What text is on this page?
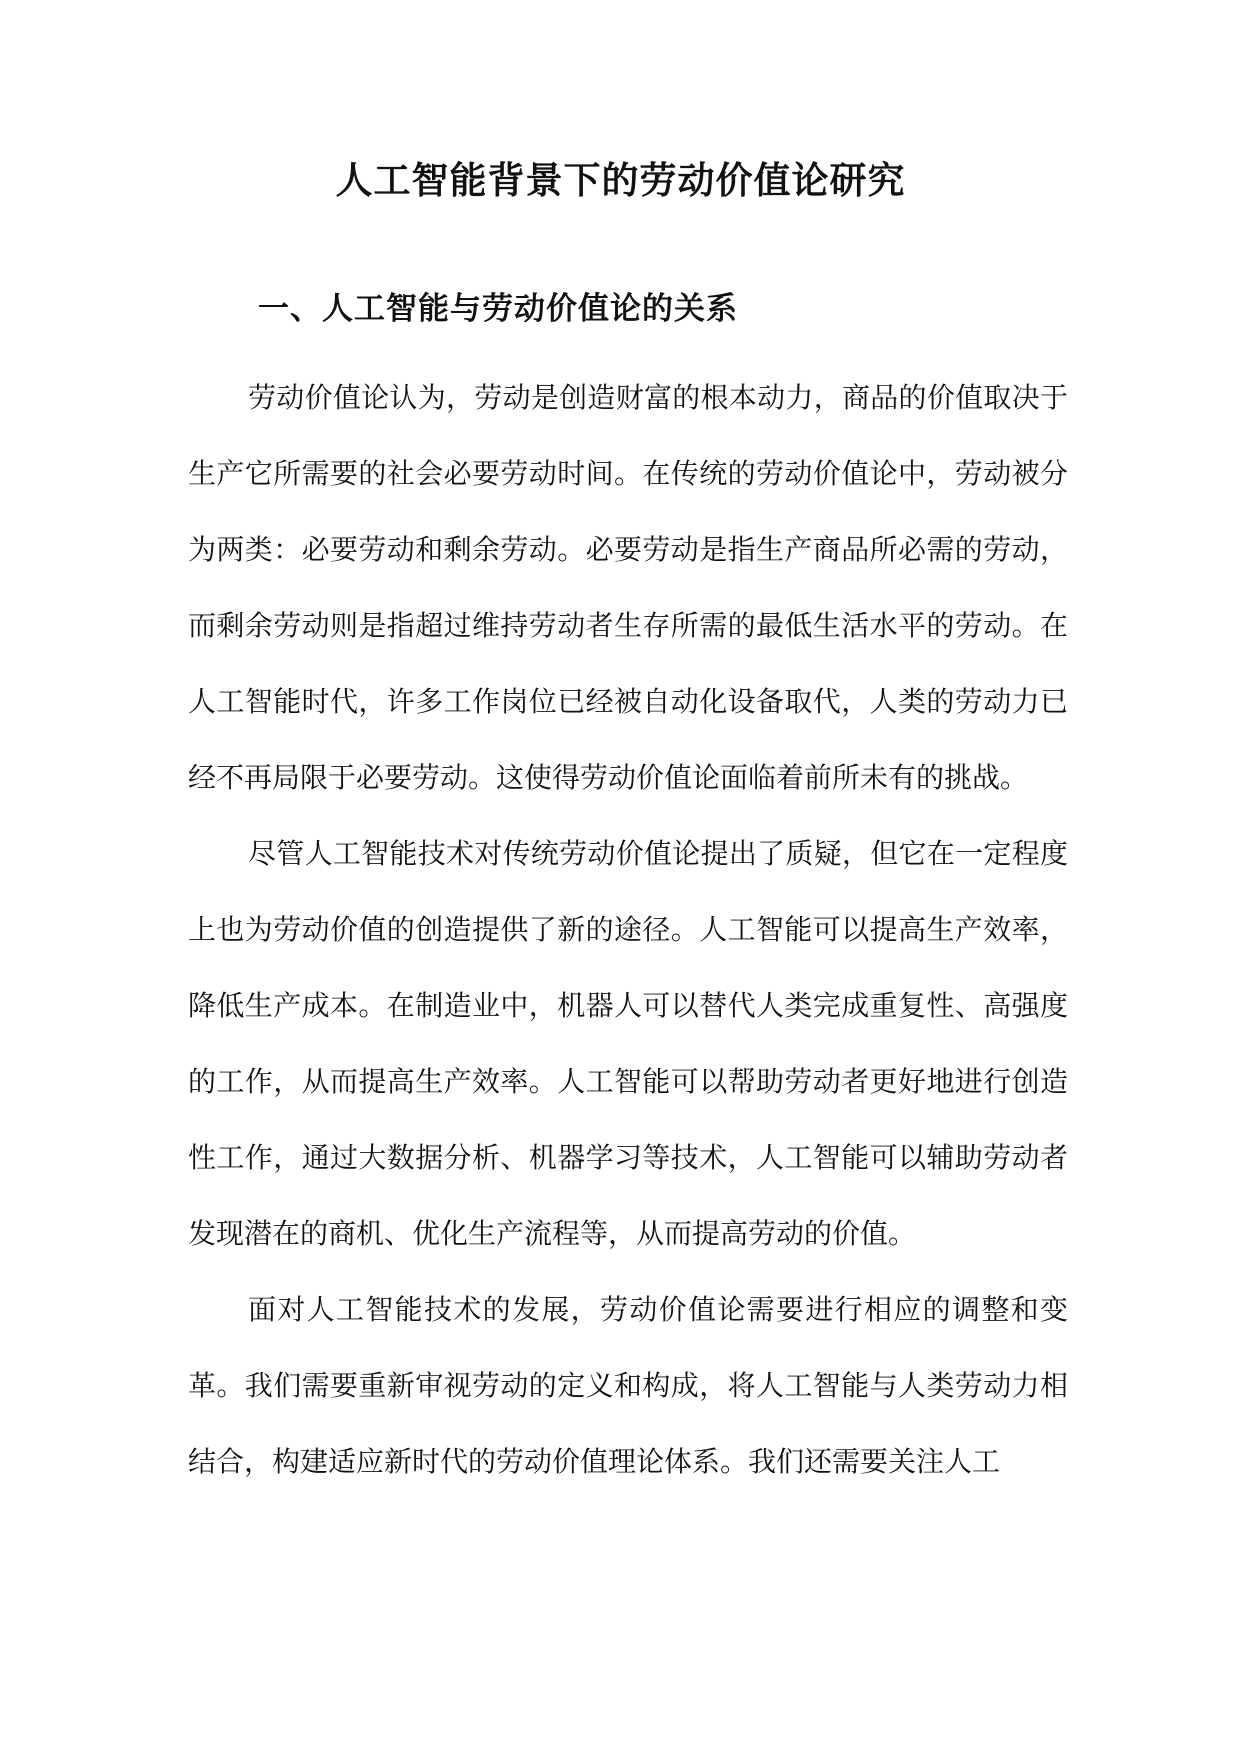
人工智能背景下的劳动价值论研究
一、人工智能与劳动价值论的关系

劳动价值论认为，劳动是创造财富的根本动力，商品的价值取决于生产它所需要的社会必要劳动时间。在传统的劳动价值论中，劳动被分为两类：必要劳动和剩余劳动。必要劳动是指生产商品所必需的劳动，而剩余劳动则是指超过维持劳动者生存所需的最低生活水平的劳动。在人工智能时代，许多工作岗位已经被自动化设备取代，人类的劳动力已经不再局限于必要劳动。这使得劳动价值论面临着前所未有的挑战。

尽管人工智能技术对传统劳动价值论提出了质疑，但它在一定程度上也为劳动价值的创造提供了新的途径。人工智能可以提高生产效率，降低生产成本。在制造业中，机器人可以替代人类完成重复性、高强度的工作，从而提高生产效率。人工智能可以帮助劳动者更好地进行创造性工作，通过大数据分析、机器学习等技术，人工智能可以辅助劳动者发现潜在的商机、优化生产流程等，从而提高劳动的价值。

面对人工智能技术的发展，劳动价值论需要进行相应的调整和变革。我们需要重新审视劳动的定义和构成，将人工智能与人类劳动力相结合，构建适应新时代的劳动价值理论体系。我们还需要关注人工
